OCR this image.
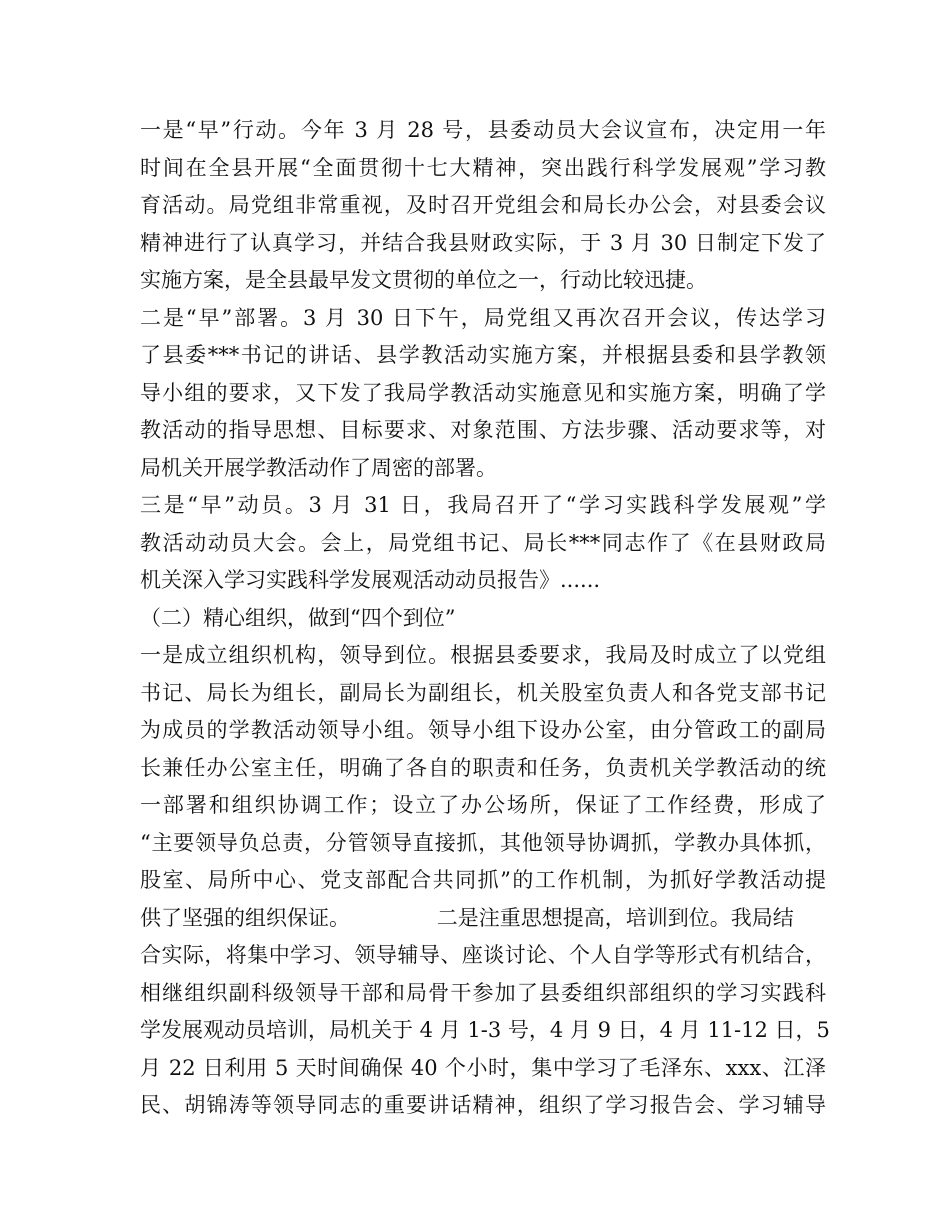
一是“早”行动。今年 3 月 28 号，县委动员大会议宣布，决定用一年
时间在全县开展“全面贯彻十七大精神，突出践行科学发展观”学习教
育活动。局党组非常重视，及时召开党组会和局长办公会，对县委会议
精神进行了认真学习，并结合我县财政实际，于 3 月 30 日制定下发了
实施方案，是全县最早发文贯彻的单位之一，行动比较迅捷。
二是“早”部署。3 月 30 日下午，局党组又再次召开会议，传达学习
了县委***书记的讲话、县学教活动实施方案，并根据县委和县学教领
导小组的要求，又下发了我局学教活动实施意见和实施方案，明确了学
教活动的指导思想、目标要求、对象范围、方法步骤、活动要求等，对
局机关开展学教活动作了周密的部署。
三是“早”动员。3 月 31 日，我局召开了“学习实践科学发展观”学
教活动动员大会。会上，局党组书记、局长***同志作了《在县财政局
机关深入学习实践科学发展观活动动员报告》......
（二）精心组织，做到“四个到位”
一是成立组织机构，领导到位。根据县委要求，我局及时成立了以党组
书记、局长为组长，副局长为副组长，机关股室负责人和各党支部书记
为成员的学教活动领导小组。领导小组下设办公室，由分管政工的副局
长兼任办公室主任，明确了各自的职责和任务，负责机关学教活动的统
一部署和组织协调工作；设立了办公场所，保证了工作经费，形成了
“主要领导负总责，分管领导直接抓，其他领导协调抓，学教办具体抓，
股室、局所中心、党支部配合共同抓”的工作机制，为抓好学教活动提
供了坚强的组织保证。             二是注重思想提高，培训到位。我局结
合实际，将集中学习、领导辅导、座谈讨论、个人自学等形式有机结合，
相继组织副科级领导干部和局骨干参加了县委组织部组织的学习实践科
学发展观动员培训，局机关于 4 月 1-3 号，4 月 9 日，4 月 11-12 日，5
月 22 日利用 5 天时间确保 40 个小时，集中学习了毛泽东、xxx、江泽
民、胡锦涛等领导同志的重要讲话精神，组织了学习报告会、学习辅导
